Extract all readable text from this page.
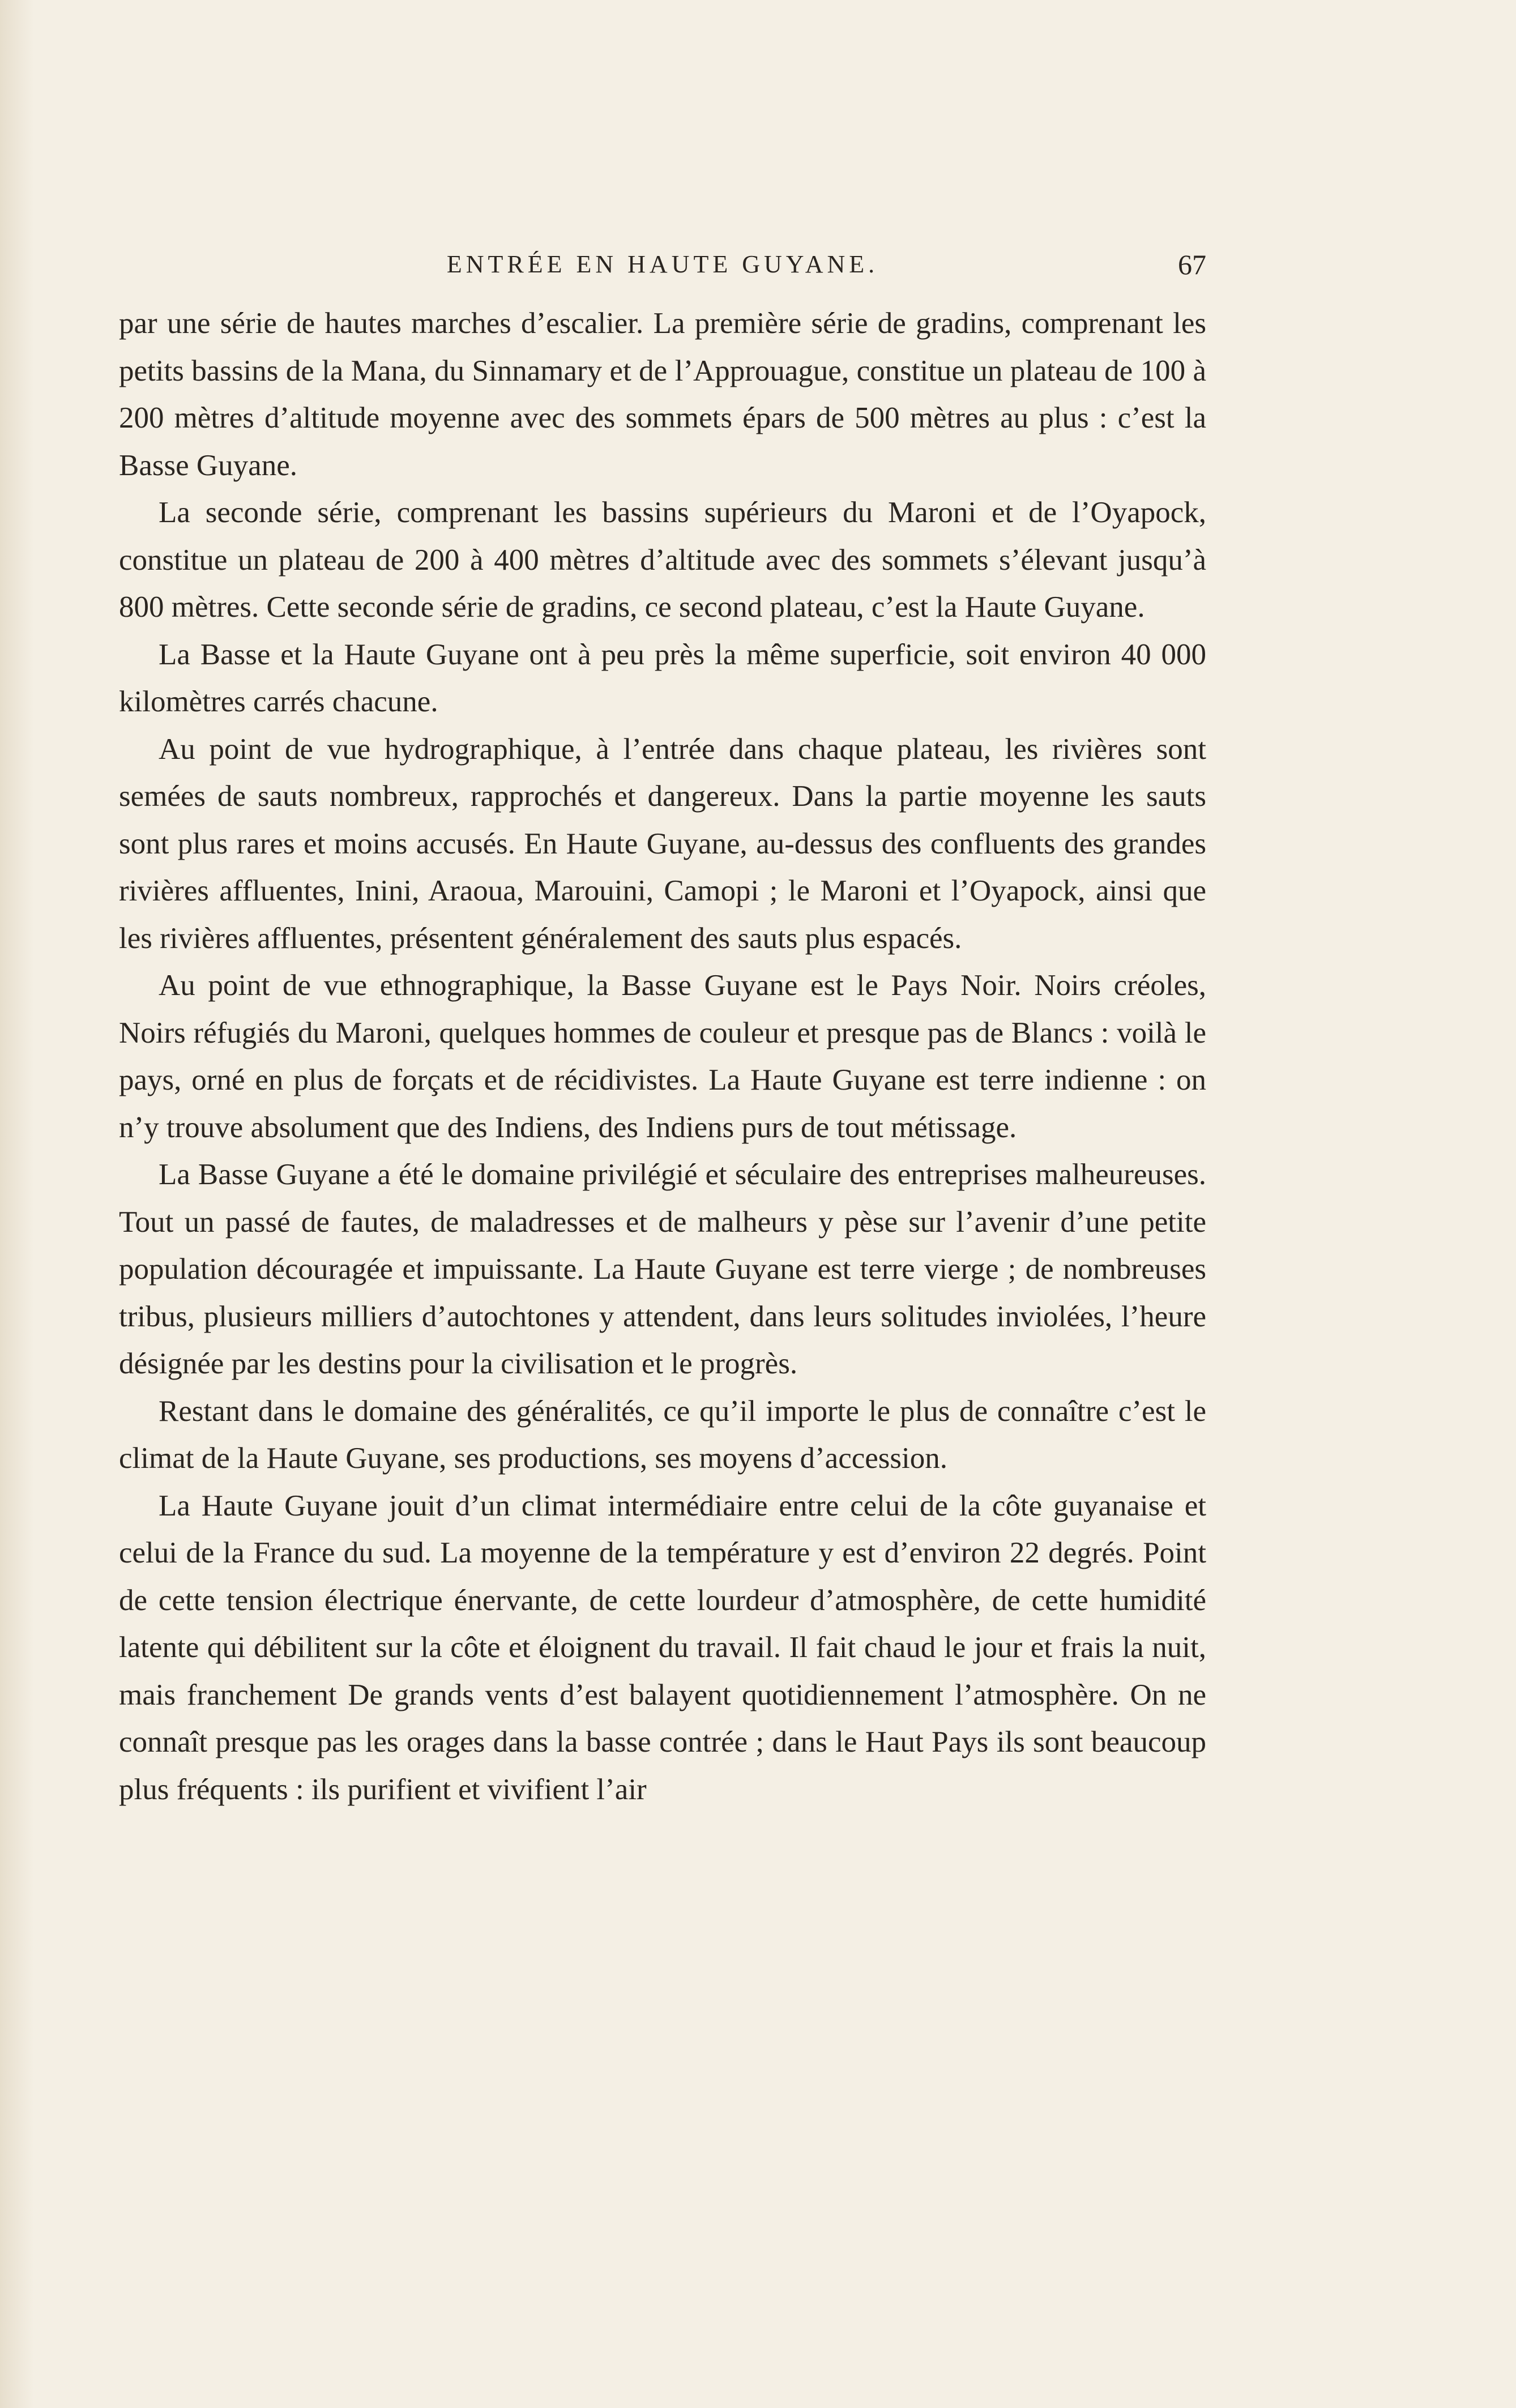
ENTRÉE EN HAUTE GUYANE.	67

par une série de hautes marches d’escalier. La première série de gradins, comprenant les petits bassins de la Mana, du Sinnamary et de l’Approuague, constitue un plateau de 100 à 200 mètres d’altitude moyenne avec des sommets épars de 500 mètres au plus : c’est la Basse Guyane.

La seconde série, comprenant les bassins supérieurs du Maroni et de l’Oyapock, constitue un plateau de 200 à 400 mètres d’altitude avec des sommets s’élevant jusqu’à 800 mètres. Cette seconde série de gradins, ce second plateau, c’est la Haute Guyane.

La Basse et la Haute Guyane ont à peu près la même superficie, soit environ 40 000 kilomètres carrés chacune.

Au point de vue hydrographique, à l’entrée dans chaque plateau, les rivières sont semées de sauts nombreux, rapprochés et dangereux. Dans la partie moyenne les sauts sont plus rares et moins accusés. En Haute Guyane, au-dessus des confluents des grandes rivières affluentes, Inini, Araoua, Marouini, Camopi ; le Maroni et l’Oyapock, ainsi que les rivières affluentes, présentent généralement des sauts plus espacés.

Au point de vue ethnographique, la Basse Guyane est le Pays Noir. Noirs créoles, Noirs réfugiés du Maroni, quelques hommes de couleur et presque pas de Blancs : voilà le pays, orné en plus de forçats et de récidivistes. La Haute Guyane est terre indienne : on n’y trouve absolument que des Indiens, des Indiens purs de tout métissage.

La Basse Guyane a été le domaine privilégié et séculaire des entreprises malheureuses. Tout un passé de fautes, de maladresses et de malheurs y pèse sur l’avenir d’une petite population découragée et impuissante. La Haute Guyane est terre vierge ; de nombreuses tribus, plusieurs milliers d’autochtones y attendent, dans leurs solitudes inviolées, l’heure désignée par les destins pour la civilisation et le progrès.

Restant dans le domaine des généralités, ce qu’il importe le plus de connaître c’est le climat de la Haute Guyane, ses productions, ses moyens d’accession.

La Haute Guyane jouit d’un climat intermédiaire entre celui de la côte guyanaise et celui de la France du sud. La moyenne de la température y est d’environ 22 degrés. Point de cette tension électrique énervante, de cette lourdeur d’atmosphère, de cette humidité latente qui débilitent sur la côte et éloignent du travail. Il fait chaud le jour et frais la nuit, mais franchement De grands vents d’est balayent quotidiennement l’atmosphère. On ne connaît presque pas les orages dans la basse contrée ; dans le Haut Pays ils sont beaucoup plus fréquents : ils purifient et vivifient l’air
